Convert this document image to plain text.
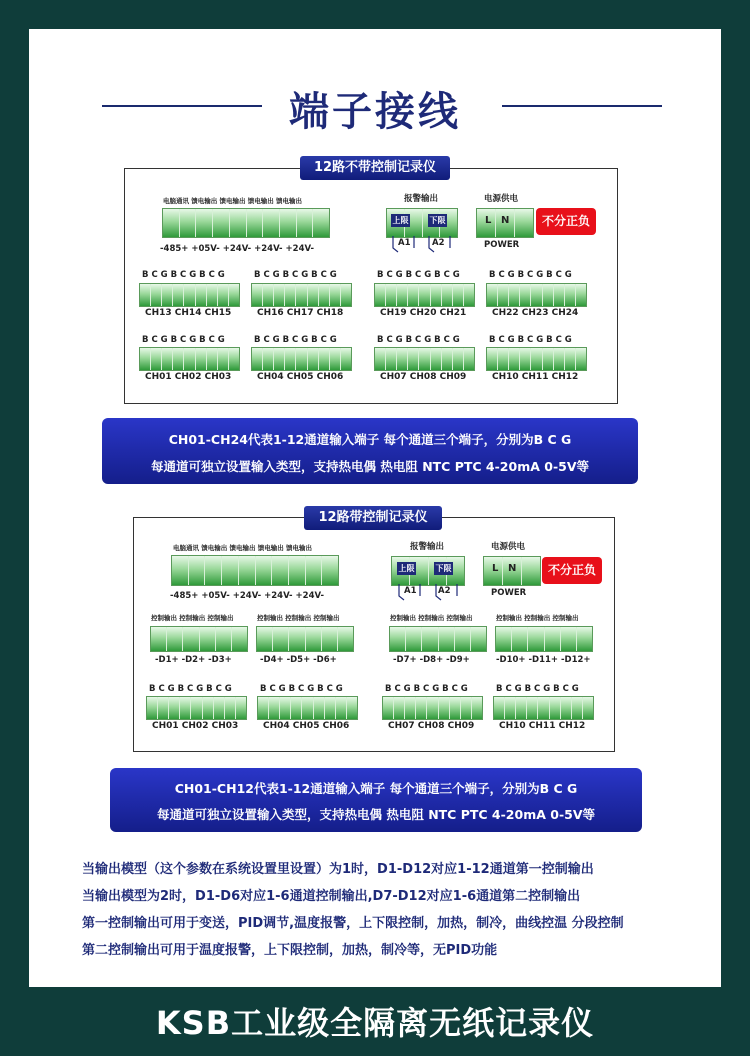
端子接线
12路不带控制记录仪
电脑通讯 馈电输出 馈电输出 馈电输出 馈电输出
-485+ +05V- +24V- +24V- +24V-
报警输出
上限	下限
A1	A2
电源供电
L N
POWER
不分正负
B C G B C G B C G	B C G B C G B C G	B C G B C G B C G	B C G B C G B C G
CH13 CH14 CH15	CH16 CH17 CH18	CH19 CH20 CH21	CH22 CH23 CH24
B C G B C G B C G	B C G B C G B C G	B C G B C G B C G	B C G B C G B C G
CH01 CH02 CH03	CH04 CH05 CH06	CH07 CH08 CH09	CH10 CH11 CH12
CH01-CH24代表1-12通道输入端子 每个通道三个端子，分别为B C G
每通道可独立设置输入类型，支持热电偶 热电阻 NTC PTC 4-20mA 0-5V等
12路带控制记录仪
电脑通讯 馈电输出 馈电输出 馈电输出 馈电输出
-485+ +05V- +24V- +24V- +24V-
报警输出
上限	下限
A1	A2
电源供电
L N
POWER
不分正负
控制输出 控制输出 控制输出	控制输出 控制输出 控制输出	控制输出 控制输出 控制输出	控制输出 控制输出 控制输出
-D1+ -D2+ -D3+	-D4+ -D5+ -D6+	-D7+ -D8+ -D9+	-D10+ -D11+ -D12+
B C G B C G B C G	B C G B C G B C G	B C G B C G B C G	B C G B C G B C G
CH01 CH02 CH03	CH04 CH05 CH06	CH07 CH08 CH09	CH10 CH11 CH12
CH01-CH12代表1-12通道输入端子 每个通道三个端子，分别为B C G
每通道可独立设置输入类型，支持热电偶 热电阻 NTC PTC 4-20mA 0-5V等
当输出模型（这个参数在系统设置里设置）为1时，D1-D12对应1-12通道第一控制输出
当输出模型为2时，D1-D6对应1-6通道控制输出,D7-D12对应1-6通道第二控制输出
第一控制输出可用于变送，PID调节,温度报警，上下限控制，加热，制冷，曲线控温 分段控制
第二控制输出可用于温度报警，上下限控制，加热，制冷等，无PID功能
KSB工业级全隔离无纸记录仪
